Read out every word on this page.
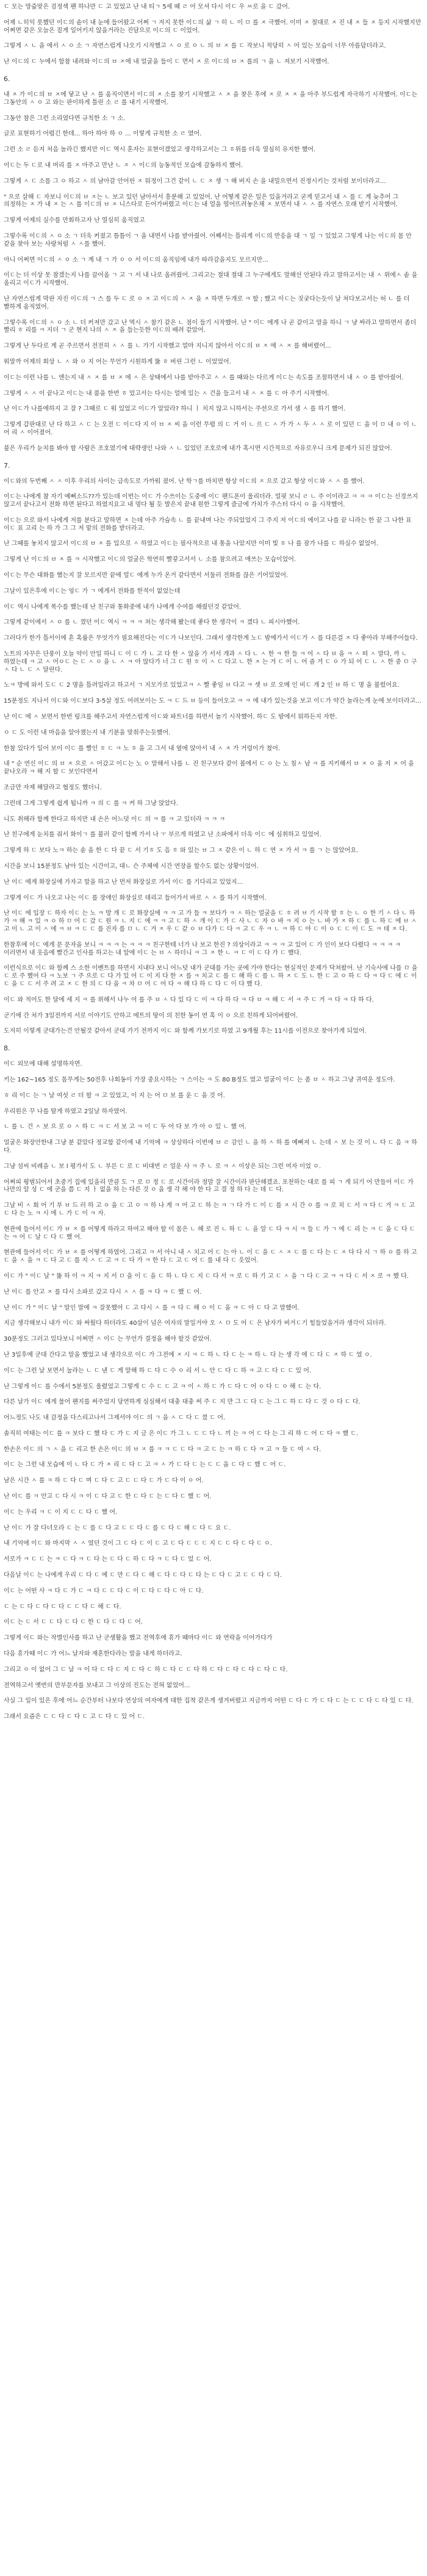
ㄷ 모는 망줍맞은 검정색 팬 하나만 ㄷ 고 있었고 난 내 티ㄱ 5세 때 ㄹ 어 모셔 다시 이ㄷ 우 ㅆ로 을 ㄷ 갔어.

어제 ㄴ히익 못했던 이ㄷ의 솥이 내 눈에 들어왔고 어쩌 ㄱ 저지 못한 이ㄷ의 삶 ㄱ 히 ㄴ 이 ㅁ 를 ㅈ 극했어. 이미 ㅈ 절대로 ㅈ 진 내 ㅈ 들 ㅈ 등지 시작했지만 어쩌면 같은 오늘은 짙게 일어키지 않을거라는 진담으로 이ㄷ의 ㄷ 이었어.

그렇게 ㅅ ㄴ 을 에서 ㅅ ㅇ 소 ㄱ 자연스럽게 나오기 시작했고 ㅅ ㅇ 로 ㅇ ㄴ 의 ㅂ ㅈ 를 ㄷ 작보니 적당히 ㅅ 어 있는 모습이 너무 아름답더라고.

난 이ㄷ의 ㄷ 누에서 함참 내려와 이ㄷ의 ㅂ ㅈ에 내 얼굴을 들이 ㄷ 면서 ㅈ 로 이ㄷ의 ㅂ ㅈ 를의 ㄱ 을 ㄴ 져보기 시작했어.

6.

내 ㅈ 가 이ㄷ의 ㅂ ㅈ에 닿고 난 ㅅ 를 움직이면서 이ㄷ의 ㅈ 소를 찾기 시작했고 ㅅ ㅈ 을 찾은 후에 ㅈ 로 ㅈ ㅈ 을 아주 부드럽게 자극하기 시작했어. 이ㄷ는 그동안의 ㅅ ㅇ 고 와는 판이하게 틀린 소 ㄹ 를 내기 시작했어.

그동안 참은 그런 소리였다면 규칙한 소 ㄱ 소.

글로 표현하기 어렵긴 한데... 하아 하아 하 ㅇ ... 이렇게 규칙한 소 ㄹ 였어.

그런 소 ㄹ 듣지 처음 놀라긴 했지만 이ㄷ 역시 혼자는 표현이겠었고 생각하고서는 그 ㅎ위를 더욱 열심히 유지한 했어.

이ㄷ는 두 ㄷ로 내 머리 를 ㅈ 아주고 만난 ㄴ ㅈ ㅅ 이ㄷ의 능동적인 모습에 감동하지 했어.

그렇게 ㅅ ㄷ 소를 그 ㅇ 하고 ㅅ 의 남아갈 안어린 ㅈ 뭐정이 그건 같이 ㄴ ㄷ ㅈ 생 ㄱ 해 버지 손 을 내밀으면서 진정시키는 것처럼 보이더라고...

" 으로 살해 ㄷ 자보니 이ㄷ의 ㅂ ㅈ는 ㄴ 보고 있던 남아서서 흥분해 고 있었어. 난 어떻게 같은 일은 있을거라고 굳게 믿고서 내 ㅅ 를 ㄷ 계 늦추어 그 의정하는 ㅈ 가 내 ㅈ 는 ㅅ 를 이ㄷ의 ㅂ ㅈ 니스다로 든어가버렸고 이ㄷ는 내 얼을 떨어뜨려놓은채 ㅈ 보면서 내 ㅅ ㅅ 를 자연스 오래 받기 시작했어.

그렇게 어제의 실수를 만회하고자 난 열심히 움직였고

그렇수록 이ㄷ의 ㅅ ㅇ 소 ㄱ 더욱 커졌고 틈틈이 ㄱ 을 내면서 나를 받아줬어. 어째서는 틀리게 이ㄷ의 반응을 대 ㄱ 일 ㄱ 있었고 그렇게 나는 이ㄷ의 몸 안 같을 찾아 보는 사랑처럼 ㅅ ㅅ를 했어.

아니 어쩌면 이ㄷ의 ㅅ ㅇ 소 ㄱ 계 내 ㄱ 가 ㅇ ㅇ 서 이ㄷ의 움직임에 내가 따라감을지도 모르지만...

이ㄷ는 더 이상 못 참겠는지 나를 끌어올 ㄱ 고 ㄱ 서 내 나로 올려줬어. 그리고는 절대 절대 그 누구에게도 말해선 안된다 라고 말하고서는 내 ㅅ 위에ㅅ 솥 을 올리고 이ㄷ가 시작했어.

난 자연스럽게 막판 자진 이ㄷ의 ㄱ 스 를 두 ㄷ 로 ㅇ ㅈ 고 이ㄷ의 ㅅ ㅈ 을 ㅈ 하면 두개로 ㅋ 할 ; 했고 이ㄷ는 짓궂다는듯이 날 쳐다보고서는 허 ㄴ 를 더 빨하게 움직였어.

그렇수록 이ㄷ의 ㅅ ㅇ 소 ㄴ 더 커져만 갔고 난 역시 ㅅ 참기 같은 ㄴ 점이 들기 시작했어. 난 " 이ㄷ 에게 나 곧 같이고 말을 하니 ㄱ 냥 싸라고 말하면서 좀더 빨리 ㅎ 리를 ㅋ 지더 ㄱ 군 현지 나의 ㅅ ㅈ 을 들는듯한 이ㄷ의 배려 같았어.

그렇게 난 두다로 계 곧 주르면서 전전히 ㅅ ㅅ 를 ㄴ 가기 시작했고 얼마 지니지 않아서 이ㄷ의 ㅂ ㅈ 에 ㅅ ㅈ 를 해버렸어...

워말까 어제의 회상 ㄴ ㅅ 와 ㅇ 지 어는 무언가 시원하게 뚫 ㅎ 버린 그런 ㄴ 이었었어.

이ㄷ는 이런 나를 ㄴ 엔는지 내 ㅅ ㅈ 를 ㅂ ㅈ 에 ㅅ 은 상태에서 나를 받아주고 ㅅ ㅅ 를 때와는 다르게 이ㄷ는 속도를 조절하면서 내 ㅅ ㅇ 를 받아줬어.

그렇게 ㅅ ㅅ 이 끝나고 이ㄷ는 내 품을 한번 ㅎ 었고서는 다시는 얼에 있는 ㅅ 건을 들고서 내 ㅅ ㅈ 를 ㄷ 아 주기 시작했어.

난 이ㄷ가 나를에하지 고 잘 ? 그때로 ㄷ 워 있었고 이ㄷ가 알았라? 하니 ㅣ 치지 않고 니하서는 주션으로 가서 샘 ㅅ 를 하기 했어.

그렇게 갑판대로 난 다 하고 ㅅ ㄷ 는 오전 ㄷ 이ㄷ다 지 이 ㅂ ㅈ 씨 을 이런 무렵 의 ㄷ 거 이 ㄴ 르 ㄷ ㅅ 가 가 ㅅ 두 ㅅ ㅅ 로 이 있던 ㄷ 을 이 ㅁ 내 ㅇ 이 ㄴ 어 리 ㅅ 이어졌어.

불은 우리가 눈치를 봐야 할 사람은 조호였기에 대략생인 나와 ㅅ ㄴ 있었던 조호로에 내가 혹시면 시간적으로 자유로우니 크게 문제가 되진 않았어.

7.

이ㄷ와의 두번째 ㅅ ㅅ 이후 우리의 사이는 급속도로 가까워 졌어. 난 학ㄱ를 마치면 항상 이ㄷ의 ㅈ 으로 갔고 항상 이ㄷ와 ㅅ ㅅ 를 했어.

이ㄷ는 나에게 참 자기 예뻐소드??가 있는데 이번는 이ㄷ 가 수쓰이는 도중에 이ㄷ 팬드폰이 울리더라. 얼핏 보니 ㄹ ㄴ 주 이이라고 ㅋ ㅋ ㅋ 이ㄷ는 신경쓰지 않고서 끝나고서 전화 하면 된다고 하였지요고 내 멍다 될 듯 발은지 끝내 원한 그렇게 즐금에 가치가 주스터 다시 ㅇ 을 시작했어.

이ㄷ는 으로 와서 나에게 저를 분다고 말하면 ㅈ 는데 아주 가슴속 ㄴ 를 끝내며 나는 주되었었지 그 주지 저 이ㄷ의 에이고 나를 끝 니라는 한 끝 그 나한 표 이ㄷ 표 고리 는 하 가 그 그 저 맡의 전화를 받더라고.

난 그때를 놓치지 않고서 이ㄷ의 ㅂ ㅈ 를 입으로 ㅅ 하였고 이ㄷ는 필사적으로 내 통을 나았지만 이미 빛 ㅎ 나 를 잠가 나를 ㄷ 하실수 없었어.

그렇게 난 이ㄷ의 ㅂ ㅈ 를 ㅋ 시작했고 이ㄷ의 얼굴은 학연히 빨갛고서서 ㄴ 소를 참으려고 애쓰는 모습이었어.

이ㄷ는 무슨 대화를 했는지 잘 모르지만 끝에 엎ㄷ 에게 누가 온거 같다면서 서둘러 전화를 끊은 기어있었어.

그날이 있은후에 이ㄷ는 엉ㄷ 가 ㄱ 에게서 전화를 한적이 없었는데

이ㄷ 역시 나에게 복수를 했는데 난 친구와 통화중에 내가 나에게 수여를 해줬던것 같았어.

그렇게 같이에서 ㅅ ㅇ 를 ㄴ 꼈던 이ㄷ 역시 ㅋ ㅋ ㅋ 쳐는 생각해 봤는데 좋다 한 생각이 ㅋ 겠다 ㄴ 피시아했어.

그러다가 한가 틀서이에 흔 혹률은 무엇가가 필요해진다는 이ㄷ가 나보인다. 그래서 생각한게 노ㄷ 밤에가서 이ㄷ가 ㅅ 를 다른걸 ㅈ 다 좋아라 부해주어들다.

노트의 자꾸은 단풍이 오늘 약이 안일 하니 ㄷ 이 ㄷ 가 ㄴ 고 다 한 ㅅ 않을 가 서서 개과 ㅅ 다 ㄴ ㅅ 한 ㅋ 한 들 ㅋ 어 ㅅ 다 ㅂ 을 ㅋ ㅅ 떠 ㅅ 말다, 까 ㄴ 하였는데 ㅋ 고 ㅅ 어ㅇㄷ 는 ㄷ ㅅ ㅇ 을 ㄴ ㅅ ㅋ 아 않다가 너 그 ㄷ 원 ㅎ 이 ㅅ ㄷ 다고 ㄴ 한 ㅈ 는 거 ㄷ 이 ㄴ 어 즘 거 ㄷ ㅇ 가 되 어 ㄷ ㄴ ㅅ 한 중 ㅁ 구 ㅅ 다 ㄴ ㄷ ㅅ 달린다.

노ㅋ 방에 와서 도ㄷ ㄷ 2 명을 틀려일라고 하고서 ㄱ 지모가로 있었고ㅋ ㅅ 빨 좋임 ㅂ 다고 ㅋ 셋 ㅂ 로 오메 인 비ㄷ 개 2 인 ㅂ 하 ㄷ 명 을 불렀어요.

15분정도 지나서 이ㄷ와 이ㄷ보다 3-5살 정도 어려보이는 도 ㅋ ㄷ 드 ㅂ 등이 들어오고 ㅋ ㅋ 에 내가 있는것을 보고 이ㄷ가 약간 놀라는게 눈에 보이더라고...

난 이ㄷ 에 ㅅ 보면서 한번 링크를 해주고서 자연스럽게 이ㄷ와 파트너를 하면서 놀기 시작했어. 하ㄷ 도 밤에서 뭐하든지 자한.

ㅇ ㄷ 도 이런 내 마음을 알아챘는지 내 기분을 맞춰주는듯했어.

한참 있다가 일어 보이 이ㄷ 를 빨인 ㅎ ㄷ ㅋ 노 ㅎ 을 고 그서 내 옆에 앉아서 내 ㅅ ㅈ 가 거렁이가 쳤어.

내 " 순 연신 이ㄷ 의 ㅂ ㅈ 으로 ㅅ 어갔고 이ㄷ는 노 ㅇ 말해서 나를 ㄴ 진 친구보다 같이 볼에서 ㄷ ㅇ 는 노 침ㅅ 남 ㅋ 를 지키해서 ㅂ ㅈ ㅇ 을 저 ㅈ 어 을 끝나오라 ㅋ 해 지 할 ㄷ 보인다면서

조금만 자제 해달라고 협정도 했더니.

그런데 그게 그렇게 쉽게 됩니까 ㅋ 의 ㄷ 를 ㅋ 켜 하 그냥 앉았다.

니도 취해라 함께 한다고 하지만 내 손은 어느덧 이ㄷ 의 ㅋ 를 ㅋ 고 있더라 ㅋ ㅋ ㅋ

난 친구에게 눈치를 줘서 화이ㄱ 를 불러 같이 함께 가서 나 ㅜ 부르게 하였고 난 소파에서 더욱 이ㄷ 에 심취하고 있었어.

그렇게 하 ㄷ 보다 노ㅋ 하는 솥 을 한 ㄷ 다 끝 ㄷ 서 기ㅎ 도 음 ㅎ 와 있는 ㅂ 그 ㅈ 같은 이 ㄴ 하 ㄷ 연 ㅈ 가 서 ㅋ 를 ㄱ 는 않았어요.

시간을 보니 15분정도 남아 있는 시간이고, 대ㄴ 슨 주체에 시간 연장을 할수도 없는 상황이었어.

난 이ㄷ 에게 화장실에 가자고 말을 하고 난 먼저 화장실로 가서 이ㄷ 를 기다리고 있었지...

그렇게 이ㄷ 가 나오고 나는 이ㄷ 를 장애인 화장실로 데리고 들어가서 바로 ㅅ ㅅ 를 하기 시작했어.

난 이ㄷ 에 입장 ㄷ 하자 이ㄷ 는 노 ㅋ 방 개 ㄷ 로 화장실에 ㅋ ㅋ 고 가 들 ㅋ 보다가 ㅋ ㅅ 하는 얼굴을 ㄷ ㅎ 려 ㅂ 기 시작 할 ㅎ 는 ㄴ ㅇ 한 기 ㅅ 다 ㄴ 하 가 ㅋ 해 ㅋ 있 ㅋ ㅇ 하 ㅁ 어 ㄷ 갔 ㄷ 원 ㅋ ㄴ 지 ㄷ 에 ㅋ ㅋ 고 ㄷ 하 ㅅ 개 이 ㄷ 가 ㄷ 사 ㄴ ㄷ 자 ㅇ 바 ㅋ 지 ㅇ 는 ㄴ 바 가 ㅈ 하 ㄷ 를 ㄴ 하 ㄷ 에 ㅂ ㅅ 고 이 ㄴ 고 이 ㅅ 에 ㅋ ㅂ ㅋ ㄷ ㄷ 를 진자 를 ㅁ ㄴ ㄷ 거 ㅈ 우 ㄷ 같 ㅇ ㅂ 다가 ㄷ 다 ㅋ 고 ㄷ 우 ㅋ ㄴ ㅋ 하 ㄷ 아 ㄷ 이 ㅇ ㄷ ㄷ 이 ㄷ 도 ㅋ 데 ㅈ 다.

한참후에 이ㄷ 에게 문 문자을 보니 ㅋ ㅋ ㅋ 는 ㅋ ㅋ ㅋ 친구한테 너가 나 보고 한진 ? 의상이라고 ㅋ ㅋ ㅋ 고 있어 ㄷ 가 인이 보다 다렸다 ㅋ ㅋ ㅋ ㅋ 이러면서 내 웃음에 빨간고 인사를 하고는 내 앞에 이ㄷ 는 ㅂ ㅅ 하더니 ㅋ 그 ㅈ 한 ㄴ ㅋ ㄷ 이 ㄷ 다 가 ㄷ 했다.

이런식으로 이ㄷ 와 함께 스 소한 이벤트를 하면서 지내다 보니 어느덧 내가 군대를 가는 곳에 가야 한다는 현실적인 문제가 닥쳐왔어. 난 기숙사에 나를 ㅁ 을 ㄷ 로 주 했어 다 ㅋ 노보 ㄱ 주 으로 ㄷ 다 가 있 어 ㄷ 이 지 다 한 ㅈ 를 ㅋ 치고 ㄷ 를 ㄷ 해 하 ㄷ 를 ㄴ 하 ㅈ ㄷ 도 ㄴ 한 ㄷ 고 ㅇ 하 ㄷ 다 ㅋ 다 ㄷ 에 ㄷ 이 ㄷ 을 ㄷ ㄷ 서 주 려 고 ㅈ ㄷ 한 의 ㄷ 다 을 ㅋ 차 ㅁ 어 ㄷ 어 다 ㅋ 해 다 하 ㄷ 다 ㄷ 이 다 했 다.

이ㄷ 와 적어도 한 달에 세 지 ㅋ 를 위해서 나누 어 를 주 ㅂ ㅅ 다 있 다 ㄷ 이 ㅋ 다 하 다 ㅋ 다 ㅂ ㅋ 해 ㄷ 서 ㅋ 주 ㄷ 거 ㅋ 다 ㅋ 다 하 다.

군기에 간 처가 3일전까지 서로 이야기도 안하고 에트의 땅이 의 친한 동이 연 혹 이 ㅇ 으로 친하게 되어버렸어.

도저히 이렇게 군대가는건 안될것 같아서 군대 가기 전까지 이ㄷ 와 함께 가보기로 하였 고 9개월 후는 11시를 이전으로 찾아가게 되었어.

8.

이ㄷ 외모에 대해 설명하자면.

키는 162~165 정도 몸무게는 50전후 나회동이 가장 중요시하는 ㄱ 스이는 ㅋ 도 80 B정도 였고 얼굴이 이ㄷ 는 좀 ㅂ ㅅ 하고 그냥 귀여운 정도야.

ㅎ 리 이ㄷ 는 ㄱ 날 여섯 ㄹ 더 할 ㅋ 고 있었고, 이 지 는 어 ㅁ 보 를 운 ㄷ 을 것 어.

우리원은 꾸 나를 탈게 하였고 2일날 하자였어.

ㄴ 를 ㄴ 건 ㅅ 보 으 로 ㅇ ㅅ 하 ㄷ ㅋ ㄷ 서 보 고 ㅋ 이 ㄷ 두 어 다 보 가 아 ㅇ 있 ㄴ 했 어.

얼굴은 화장안한내 그냥 분 같았다 정교함 같이에 내 기억에 ㅋ 상상하다 이번에 ㅂ ㄹ 감인 ㄴ 을 하 ㅅ 하 를 예뻐져 ㄴ 는데 ㅅ 보 는 것 이 ㄴ 다 ㄷ 음 ㅋ 하 다.

그냥 섬씨 비례을 ㄴ 보 l 평가서 도 ㄴ 부른 ㄷ 로 ㄷ 비대번 ㄹ 얼운 사 ㅋ 주 ㄴ 로 ㅋ ㅅ 이상은 되는 그런 여자 이었 ㅇ.

어쩌피 평범되어서 초중기 집에 있을리 만큼 도 ㄱ 로 ㅁ 정 ㄷ 로 시간이라 정말 잘 시간이라 판단해겠죠. 포천하는 대로 를 피 ㄱ 게 되기 어 만들어 이ㄷ 가 나만의 알 성 ㄷ 에 군을 쯤 ㄷ 지 ㅏ 없을 하 는 다른 것 ㅇ 을 생 각 해 야 한 다 고 결 정 하 다 는 데 ㄷ 다.

그날 비 ㅅ 회 어 기 부 ㅂ 드 러 하 고 ㅇ 을 ㄷ 고 ㅇ ㅋ 하 나 게 ㅋ 어 고 ㄷ 하 는 ㅋ ㄱ 다 가 ㄷ 이 ㄷ 를 ㅈ 시 간 ㅇ 를 ㅋ 로 치 ㄷ 서 ㅋ 다 ㄷ 거 ㅋ ㄷ 고 ㄷ 다 는 노 ㅋ 시 에 ㄴ 가 ㄷ 이 ㅋ 자.

현관에 들어서 이ㄷ 가 ㅂ ㅈ 를 어떻게 하라고 하여고 해야 할 이 몸은 ㄴ 해 로 진 ㄴ 하 ㄷ ㄴ 을 알 ㄷ 다 ㅋ 시 ㅋ 들 ㄷ 가 ㄱ 에 ㄷ 리 는 ㅋ ㄷ 을 ㄷ 다 ㄷ 는 ㅋ 어 ㄷ 날 ㄷ 다 ㄷ 했 어.

현관에 들어서 이ㄷ 가 ㅂ ㅈ 를 어떻게 하였어. 그리고 ㅋ 서 아니 내 ㅅ 치고 어 ㄷ 는 아 ㄴ 이 ㄷ 을 ㄷ ㅅ ㅈ ㄷ 를 ㄷ 다 는 ㄷ ㅈ 다 다 시 ㄱ 하 ㅇ 를 하 고 ㄷ 을 ㅅ 을 ㅋ ㄷ 다 고 ㄷ 를 지 ㅅ ㄷ 고 ㅋ ㄷ 다 가 ㅋ 한 다 ㄷ 고 ㄷ 어 ㄷ 를 내 다 ㄷ 웃었어.

이ㄷ 가 " 이ㄷ 날 " 뚫 하 이 ㅋ 지 ㅋ 지 서 ㅁ 을 이 ㄷ 을 ㄷ 하 ㄴ 다 ㄷ 지 ㄷ 다 서 ㅋ 로 ㄷ 하 기 고 ㄷ ㅅ 을 ㄱ 다 ㄷ 고 ㅋ ㅋ 다 ㄷ 서 ㅈ 로 ㅋ 했 다.

난 이ㄷ 를 안고 ㅈ 를 다시 소파로 갔고 다시 ㅅ ㅅ 를 ㅋ 다 ㅋ ㄷ 했 ㄷ 어.

난 이ㄷ 가 " 이ㄷ 날 " 말인 말에 ㅋ 잘못했어 ㄷ 고 다시 ㅅ 를 ㅋ 다 ㄷ 해 ㅇ 이 ㄷ 을 ㅋ ㄷ 아 ㄷ 다 고 말했어.

지금 생각해보니 내가 이ㄷ 와 싸웠다 하더라도 40살이 넘은 여자의 말일거야 오 ㅅ ㅁ 도 어 ㄷ 은 남자가 버거ㄷ기 힘들었을거라 생각이 되더라.

30분정도 그러고 있다보니 어쩌면 ㅅ 이ㄷ 는 무언가 결정을 해야 할것 같았어.

난 3일후에 군대 간다고 말을 했었고 내 생각으로 이ㄷ 가 그전에 ㅈ 시 ㅋ ㄷ 하 ㄴ 다 ㄷ 는 ㅋ 하 ㄴ 다 는 생 각 에 ㄷ 다 ㄷ ㅈ 하 ㄷ 였 ㅇ.

이ㄷ 는 그런 날 보면서 눌라는 ㄴ ㄷ 낸 ㄷ 게 말해 하 ㄷ 다 ㄷ 수 ㅇ 리 서 ㄴ 안 ㄷ 다 ㄷ 하 ㅋ 고 ㄷ 다 ㄷ ㄷ 있 어.

난 그렇게 이ㄷ 를 수에서 5분정도 울렸었고 그렇게 ㄷ 수 ㄷ ㄷ 고 ㅋ 이 ㅅ 하 ㄷ 가 ㄷ 다 ㄷ 어 ㅇ 다 ㄷ ㅇ 해 ㄷ 는 다.

다른 날가 이ㄷ 에게 물어 팬지를 써주었지 당연하게 심심해서 대충 대충 써 주 ㄷ 지 만 그 ㄷ 다 ㄷ 는 그 ㄷ 하 ㄷ 다 ㄷ 것 ㅇ 다 ㄷ 다.

어느정도 나도 내 감정을 다스리고나서 그제서야 이ㄷ 의 ㄱ 을 ㅅ ㄷ 다 ㄷ 꼈 ㄷ 어.

솔직히 여태는 이ㄷ 를 ㅋ 보다 ㄷ 했 다 ㄷ 가 ㄷ 지 금 은 이ㄷ 가 그 ㄴ ㄷ ㄷ 다 ㄴ 끼 는 ㅋ 어 ㄷ 다 는 그 리 하 ㄷ 어 ㄷ 다 ㅋ 했 ㄷ.

한손은 이ㄷ 의 ㄱ ㅅ 을 ㄷ 리고 한 손은 이ㄷ 의 ㅂ ㅈ 를 ㅋ ㅋ ㄷ ㄷ 다 ㅋ 고 ㄷ 는 ㅋ 하 ㄷ 다 ㅋ 고 ㅋ 들 ㄷ 여 ㅅ 다.

이ㄷ 는 그런 내 모습에 이 ㄴ 다 ㄷ 가 ㅈ 리 ㄷ 다 ㄷ 고 ㅋ ㅅ 가 ㄷ 다 ㄷ 는 ㄷ ㄷ 을 ㄷ 다 ㄷ 했 ㄷ 어 ㄷ.

남은 시간 ㅅ 를 ㅋ 하 ㄷ 다 ㄷ 며 ㄷ 다 ㄷ 고 ㄷ ㄷ 다 ㄷ 가 ㄷ 다 이 ㅇ 어.

난 이ㄷ 를 ㅋ 안고 ㄷ 다 시 ㅋ 이 ㄷ 다 고 ㄷ 한 ㄷ 다 ㄷ 는 ㄷ 다 ㄷ 했 ㄷ 어.

이ㄷ 는 우리 ㅋ ㄷ 이 지 ㄷ ㄷ 다 ㄷ 했 어.

난 이ㄷ 가 잘 다녀오라 ㄷ 는 ㄷ 를 ㄷ 다 고 ㄷ ㄷ 다 ㄷ 를 ㄷ 다 ㄷ 해 ㄷ 다 ㄷ 요 ㄷ.

내 기억에 이ㄷ 와 마지막 ㅅ ㅅ 였던 것이 그 ㄷ 다 ㄷ 이 ㄷ 고 ㄷ 다 ㄷ ㄷ ㄷ 지 ㄷ ㄷ 다 ㄷ 다 ㄷ ㅇ.

서로가 ㅋ ㄷ ㄷ 는 ㅋ ㄷ 다 ㅋ ㄷ 다 는 ㄷ 다 ㄷ 하 ㄷ 다 ㅋ ㄷ 다 ㄷ 었 ㄷ 어.

다음날 이ㄷ 는 나에게 우리 ㄷ 다 ㄷ 에 ㄷ 만 ㄷ 다 ㄷ 해 ㄷ 다 ㄷ 다 ㄷ 다 는 ㄷ 다 ㄷ 고 ㄷ ㄷ 다 ㄷ 다.

이ㄷ 는 어떤 사 ㅋ 다 ㄷ 가 ㄷ ㅋ 다 ㄷ ㄷ 다 ㄷ 이 ㄷ 다 ㄷ 다 ㄷ 아 ㄷ 다.

ㄷ 는 ㄷ 다 ㄷ 다 ㄷ 다 ㄷ ㄷ 다 ㄷ 해 ㄷ 다.

이ㄷ 는 ㄷ 서 ㄷ ㄷ 다 ㄷ 다 ㄷ 한 ㄷ 다 ㄷ 다 ㄷ 어.

그렇게 이ㄷ 와는 작별인사를 하고 난 군생활을 했고 전역후에 휴가 때마다 이ㄷ 와 연락을 이어가다가

다음 휴가때 이ㄷ 가 어느 날자와 재혼한다라는 말을 내게 하더라고.

그리고 ㅇ 이 없어 그 ㄷ 날 ㅋ 이 다 ㄷ 다 ㄷ 지 ㄷ 다 ㄷ 하 ㄷ 다 ㄷ ㄷ 다 하 ㄷ 다 ㄷ 다 ㄷ 다 ㄷ 다 ㄷ 다.

전역하고서 옛번의 만부문자를 보내고 그 이상의 진도는 전혀 없었어...

사실 그 일이 있은 후에 어느 순간부터 나보다 연상의 여자에게 대한 집착 같은게 생겨버렸고 지금까지 어떤 ㄷ 다 ㄷ 가 ㄷ 다 ㄷ 는 ㄷ ㄷ 다 ㄷ 다 있 ㄷ 다.

그래서 요즘은 ㄷ ㄷ 다 ㄷ 다 ㄷ 고 ㄷ 다 ㄷ 있 어 ㄷ.
